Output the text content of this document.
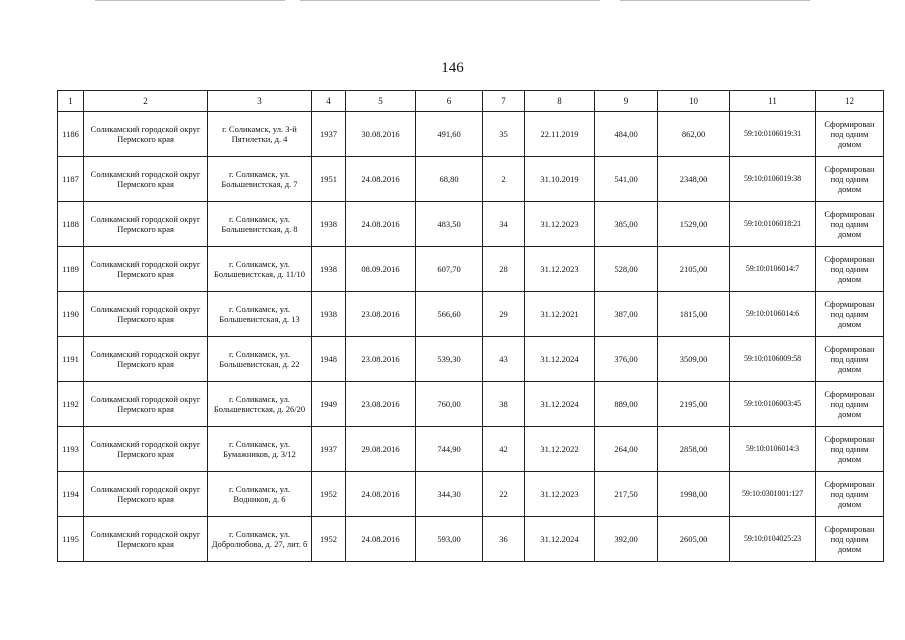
146
1	2	3	4	5	6	7	8	9	10	11	12
1186	Соликамский городской округ Пермского края	г. Соликамск, ул. 3-й Пятилетки, д. 4	1937	30.08.2016	491,60	35	22.11.2019	484,00	862,00	59:10:0106019:31	Сформирован под одним домом
1187	Соликамский городской округ Пермского края	г. Соликамск, ул. Большевистская, д. 7	1951	24.08.2016	68,80	2	31.10.2019	541,00	2348,00	59:10:0106019:38	Сформирован под одним домом
1188	Соликамский городской округ Пермского края	г. Соликамск, ул. Большевистская, д. 8	1938	24.08.2016	483,50	34	31.12.2023	385,00	1529,00	59:10:0106018:21	Сформирован под одним домом
1189	Соликамский городской округ Пермского края	г. Соликамск, ул. Большевистская, д. 11/10	1938	08.09.2016	607,70	28	31.12.2023	528,00	2105,00	59:10:0106014:7	Сформирован под одним домом
1190	Соликамский городской округ Пермского края	г. Соликамск, ул. Большевистская, д. 13	1938	23.08.2016	566,60	29	31.12.2021	387,00	1815,00	59:10:0106014:6	Сформирован под одним домом
1191	Соликамский городской округ Пермского края	г. Соликамск, ул. Большевистская, д. 22	1948	23.08.2016	539,30	43	31.12.2024	376,00	3509,00	59:10:0106009:58	Сформирован под одним домом
1192	Соликамский городской округ Пермского края	г. Соликамск, ул. Большевистская, д. 26/20	1949	23.08.2016	760,00	38	31.12.2024	889,00	2195,00	59:10:0106003:45	Сформирован под одним домом
1193	Соликамский городской округ Пермского края	г. Соликамск, ул. Бумажников, д. 3/12	1937	29.08.2016	744,90	42	31.12.2022	264,00	2858,00	59:10:0106014:3	Сформирован под одним домом
1194	Соликамский городской округ Пермского края	г. Соликамск, ул. Водников, д. 6	1952	24.08.2016	344,30	22	31.12.2023	217,50	1998,00	59:10:0301001:127	Сформирован под одним домом
1195	Соликамский городской округ Пермского края	г. Соликамск, ул. Добролюбова, д. 27, лит. б	1952	24.08.2016	593,00	36	31.12.2024	392,00	2605,00	59:10:0104025:23	Сформирован под одним домом
